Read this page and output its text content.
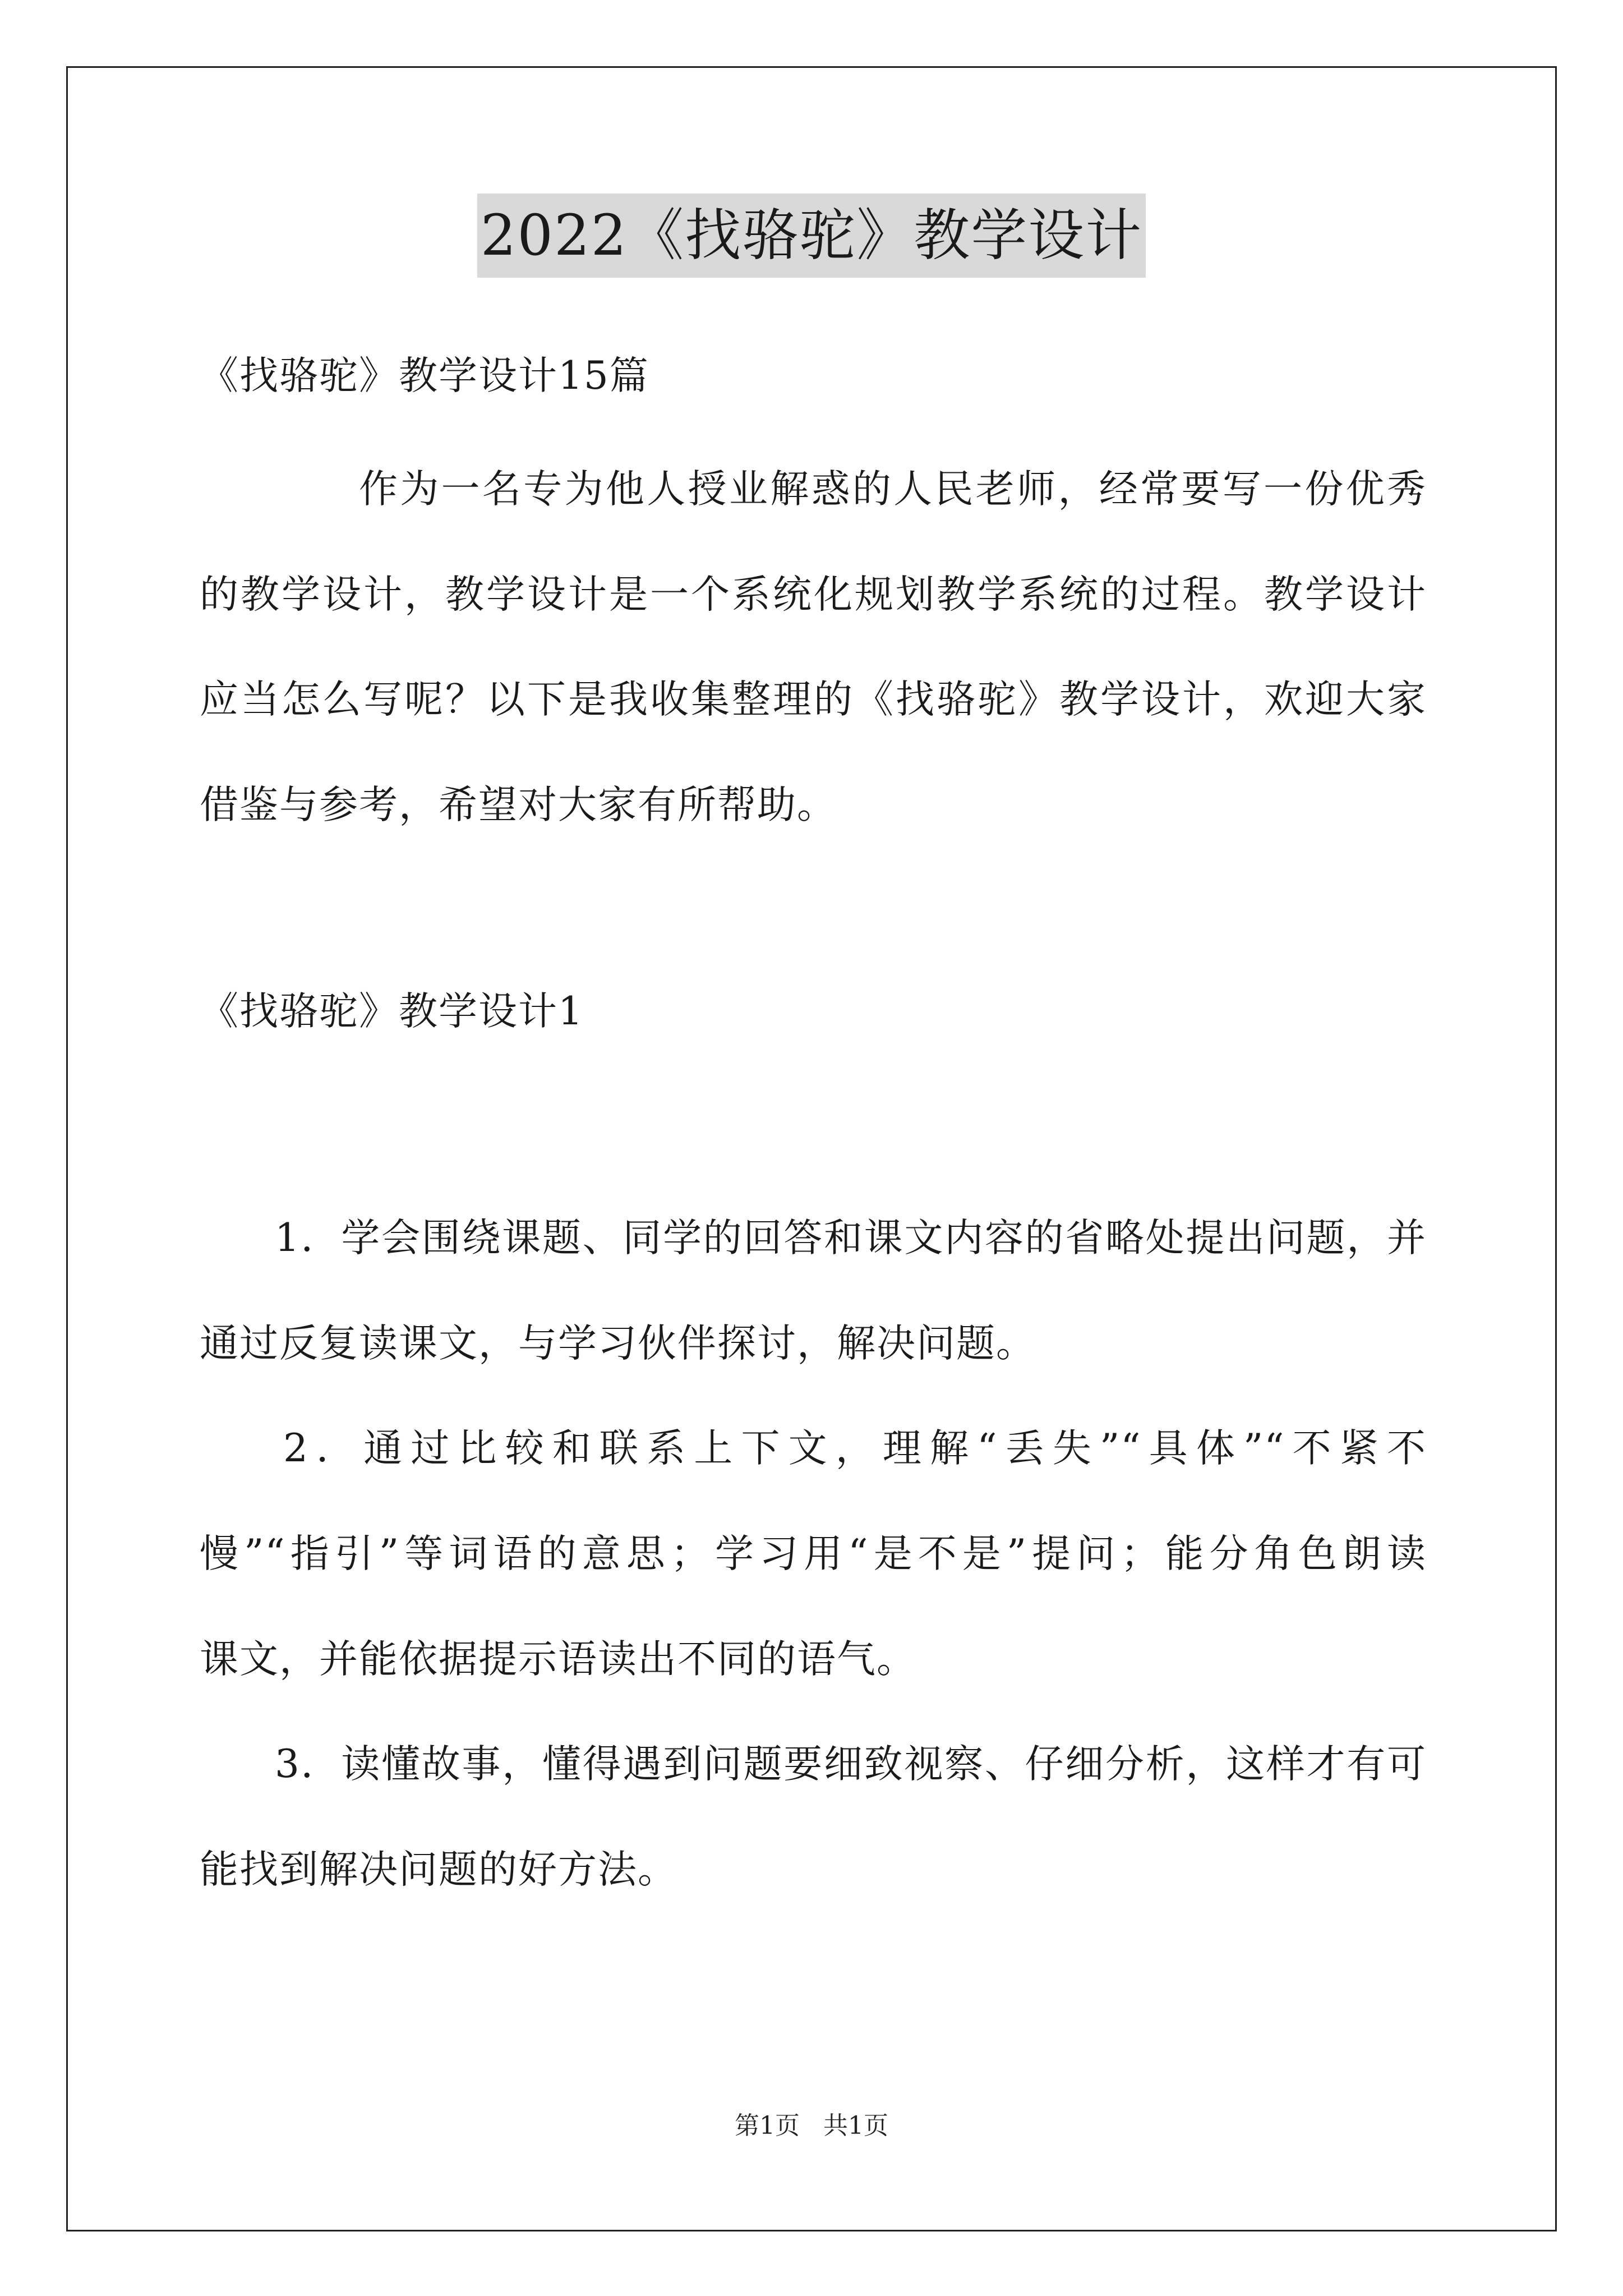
2022《找骆驼》教学设计
《找骆驼》教学设计15篇
作为一名专为他人授业解惑的人民老师，经常要写一份优秀
的教学设计，教学设计是一个系统化规划教学系统的过程。教学设计
应当怎么写呢？以下是我收集整理的《找骆驼》教学设计，欢迎大家
借鉴与参考，希望对大家有所帮助。
《找骆驼》教学设计1
1．学会围绕课题、同学的回答和课文内容的省略处提出问题，并
通过反复读课文，与学习伙伴探讨，解决问题。
2．通过比较和联系上下文，理解“丢失”“具体”“不紧不
慢”“指引”等词语的意思；学习用“是不是”提问；能分角色朗读
课文，并能依据提示语读出不同的语气。
3．读懂故事，懂得遇到问题要细致视察、仔细分析，这样才有可
能找到解决问题的好方法。
第1页   共1页
